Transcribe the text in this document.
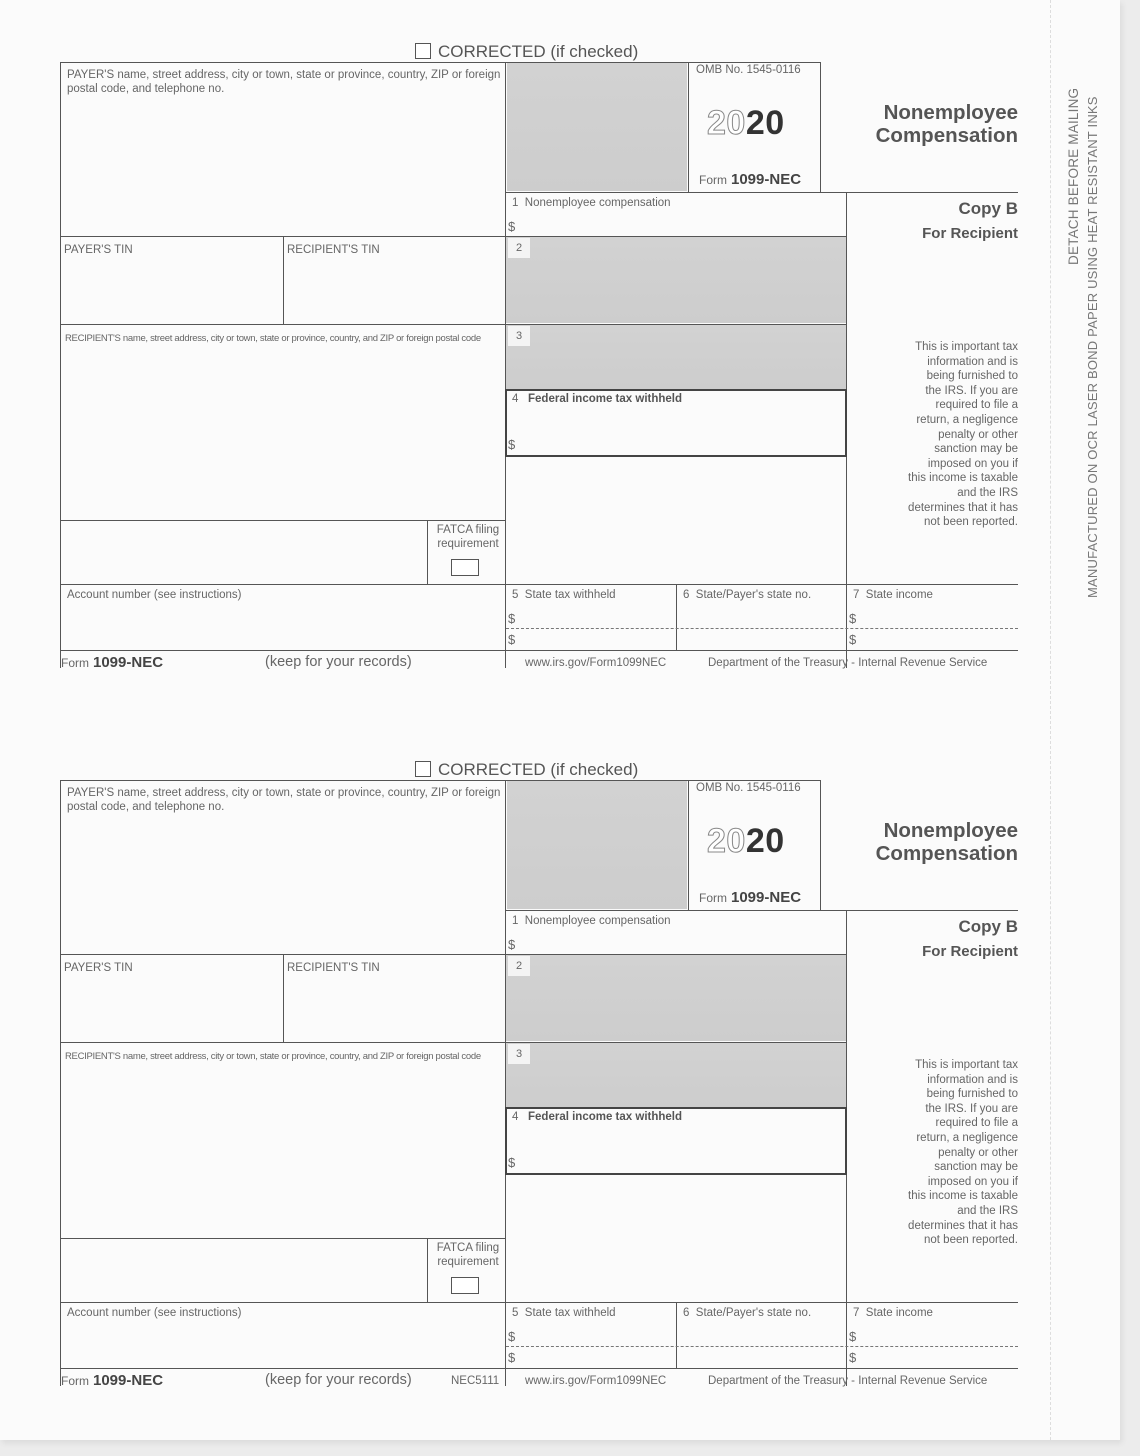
DETACH BEFORE MAILING MANUFACTURED ON OCR LASER BOND PAPER USING HEAT RESISTANT INKS
CORRECTED (if checked)
PAYER'S name, street address, city or town, state or province, country, ZIP or foreign postal code, and telephone no.
OMB No. 1545-0116
2020
Form 1099-NEC
Nonemployee Compensation
1 Nonemployee compensation
$
Copy B
For Recipient
PAYER'S TIN	RECIPIENT'S TIN	2
RECIPIENT'S name, street address, city or town, state or province, country, and ZIP or foreign postal code	3
4 Federal income tax withheld
$
This is important tax
information and is
being furnished to
the IRS. If you are
required to file a
return, a negligence
penalty or other
sanction may be
imposed on you if
this income is taxable
and the IRS
determines that it has
not been reported.
FATCA filing requirement
Account number (see instructions)	5 State tax withheld	6 State/Payer's state no.	7 State income
$
$
$
$
Form 1099-NEC	(keep for your records)	www.irs.gov/Form1099NEC	Department of the Treasury - Internal Revenue Service
CORRECTED (if checked)
PAYER'S name, street address, city or town, state or province, country, ZIP or foreign postal code, and telephone no.
OMB No. 1545-0116
2020
Form 1099-NEC
Nonemployee Compensation
1 Nonemployee compensation
$
Copy B
For Recipient
PAYER'S TIN	RECIPIENT'S TIN	2
RECIPIENT'S name, street address, city or town, state or province, country, and ZIP or foreign postal code	3
4 Federal income tax withheld
$
This is important tax
information and is
being furnished to
the IRS. If you are
required to file a
return, a negligence
penalty or other
sanction may be
imposed on you if
this income is taxable
and the IRS
determines that it has
not been reported.
FATCA filing requirement
Account number (see instructions)	5 State tax withheld	6 State/Payer's state no.	7 State income
$
$
$
$
Form 1099-NEC	(keep for your records)	NEC5111 www.irs.gov/Form1099NEC	Department of the Treasury - Internal Revenue Service
